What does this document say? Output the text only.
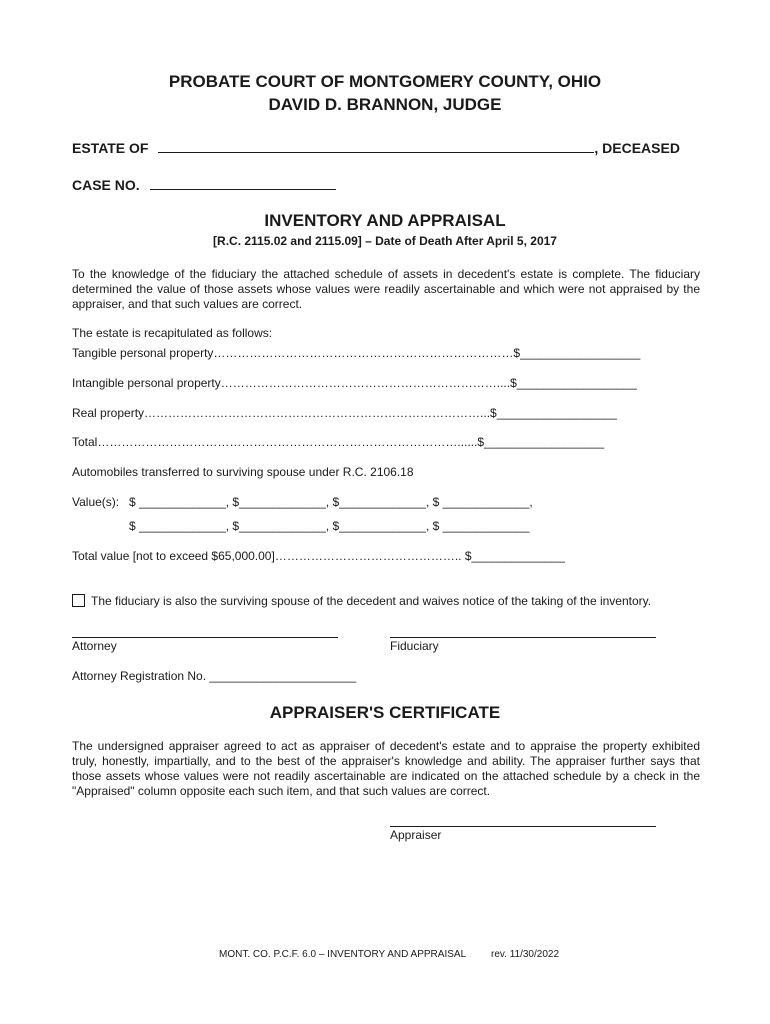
PROBATE COURT OF MONTGOMERY COUNTY, OHIO
DAVID D. BRANNON, JUDGE
ESTATE OF	, DECEASED
CASE NO.
INVENTORY AND APPRAISAL
[R.C. 2115.02 and 2115.09] – Date of Death After April 5, 2017
To the knowledge of the fiduciary the attached schedule of assets in decedent's estate is complete. The fiduciary determined the value of those assets whose values were readily ascertainable and which were not appraised by the appraiser, and that such values are correct.
The estate is recapitulated as follows:
Tangible personal property…………………………………………………………………$__________________
Intangible personal property……………………………………………………………....$__________________
Real property…………………………………………………………………………...$__________________
Total………………………………………………………………………………......$__________________
Automobiles transferred to surviving spouse under R.C. 2106.18
Value(s): $ _____________, $_____________, $_____________, $ _____________,
$ _____________, $_____________, $_____________, $ _____________
Total value [not to exceed $65,000.00]……………………………………….. $______________
The fiduciary is also the surviving spouse of the decedent and waives notice of the taking of the inventory.
Attorney	Fiduciary
Attorney Registration No. ______________________
APPRAISER'S CERTIFICATE
The undersigned appraiser agreed to act as appraiser of decedent's estate and to appraise the property exhibited truly, honestly, impartially, and to the best of the appraiser's knowledge and ability. The appraiser further says that those assets whose values were not readily ascertainable are indicated on the attached schedule by a check in the "Appraised" column opposite each such item, and that such values are correct.
Appraiser
MONT. CO. P.C.F. 6.0 – INVENTORY AND APPRAISAL rev. 11/30/2022
